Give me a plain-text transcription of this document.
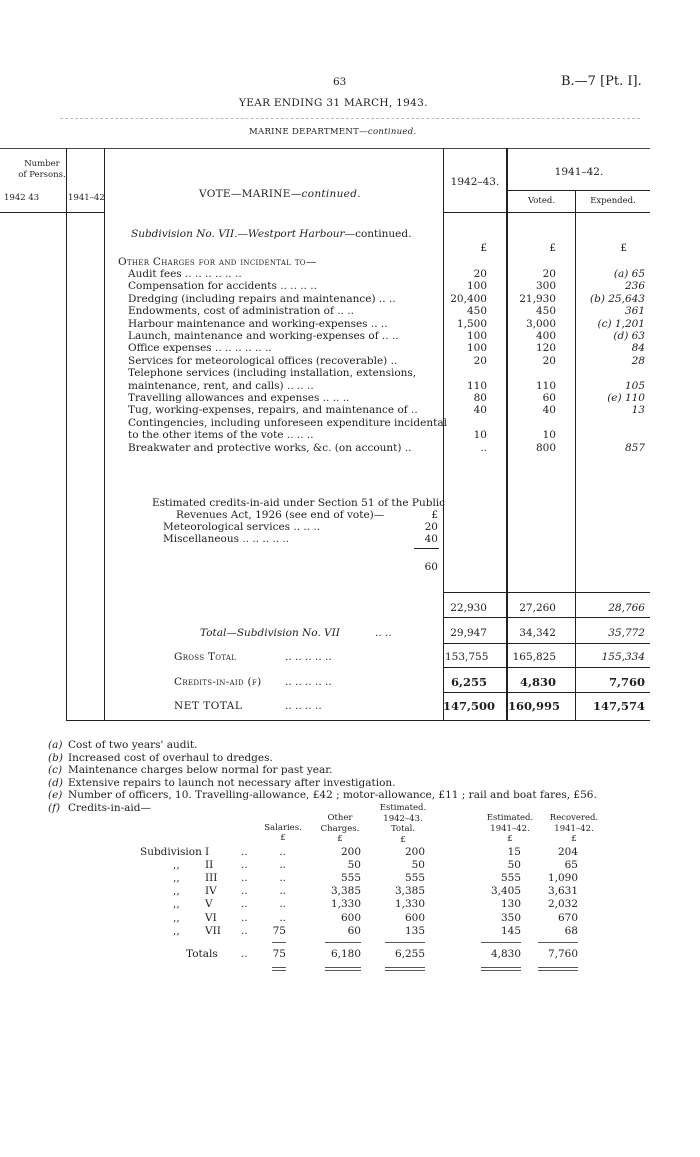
63	B.—7 [Pt. I].
YEAR ENDING 31 MARCH, 1943.
MARINE DEPARTMENT—continued.
Number
of Persons.
1942 43	1941–42	VOTE—MARINE—continued.
1942–43.
1941–42.
Voted.	Expended.
Subdivision No. VII.—Westport Harbour—continued.
£	£	£
Other Charges for and incidental to—
Audit fees .. .. .. .. .. ..	20	20	(a) 65
Compensation for accidents .. .. .. ..	100	300	236
Dredging (including repairs and maintenance) .. ..	20,400	21,930	(b) 25,643
Endowments, cost of administration of .. ..	450	450	361
Harbour maintenance and working-expenses .. ..	1,500	3,000	(c) 1,201
Launch, maintenance and working-expenses of .. ..	100	400	(d) 63
Office expenses .. .. .. .. .. ..	100	120	84
Services for meteorological offices (recoverable) ..	20	20	28
Telephone services (including installation, extensions,
maintenance, rent, and calls) .. .. ..	110	110	105
Travelling allowances and expenses .. .. ..	80	60	(e) 110
Tug, working-expenses, repairs, and maintenance of ..	40	40	13
Contingencies, including unforeseen expenditure incidental
to the other items of the vote .. .. ..	10	10
Breakwater and protective works, &c. (on account) ..	..	800	857
Estimated credits-in-aid under Section 51 of the Public
Revenues Act, 1926 (see end of vote)—	£
Meteorological services .. .. ..	20
Miscellaneous .. .. .. .. ..	40
60
22,930	27,260	28,766
Total—Subdivision No. VII	.. ..	29,947	34,342	35,772
Gross Total	.. .. .. .. ..	153,755	165,825	155,334
Credits-in-aid (f) .. .. .. .. ..	6,255	4,830	7,760
NET TOTAL	.. .. .. ..	147,500 160,995	147,574
(a) Cost of two years' audit.
(b) Increased cost of overhaul to dredges.
(c) Maintenance charges below normal for past year.
(d) Extensive repairs to launch not necessary after investigation.
(e) Number of officers, 10. Travelling-allowance, £42 ; motor-allowance, £11 ; rail and boat fares, £56.
(f) Credits-in-aid—
Salaries.
£
Other
Charges.
£
Estimated.
1942–43.
Total.
£
Estimated.
1941–42.
£
Recovered.
1941–42.
£
Subdivision I	..	..	200	200	15	204
,, II	..	..	50	50	50	65
,, III ..	..	555	555	555	1,090
,, IV ..	..	3,385	3,385	3,405	3,631
,, V	..	..	1,330	1,330	130	2,032
,, VI ..	..	600	600	350	670
,, VII ..	75	60	135	145	68
Totals ..	75	6,180	6,255	4,830	7,760
